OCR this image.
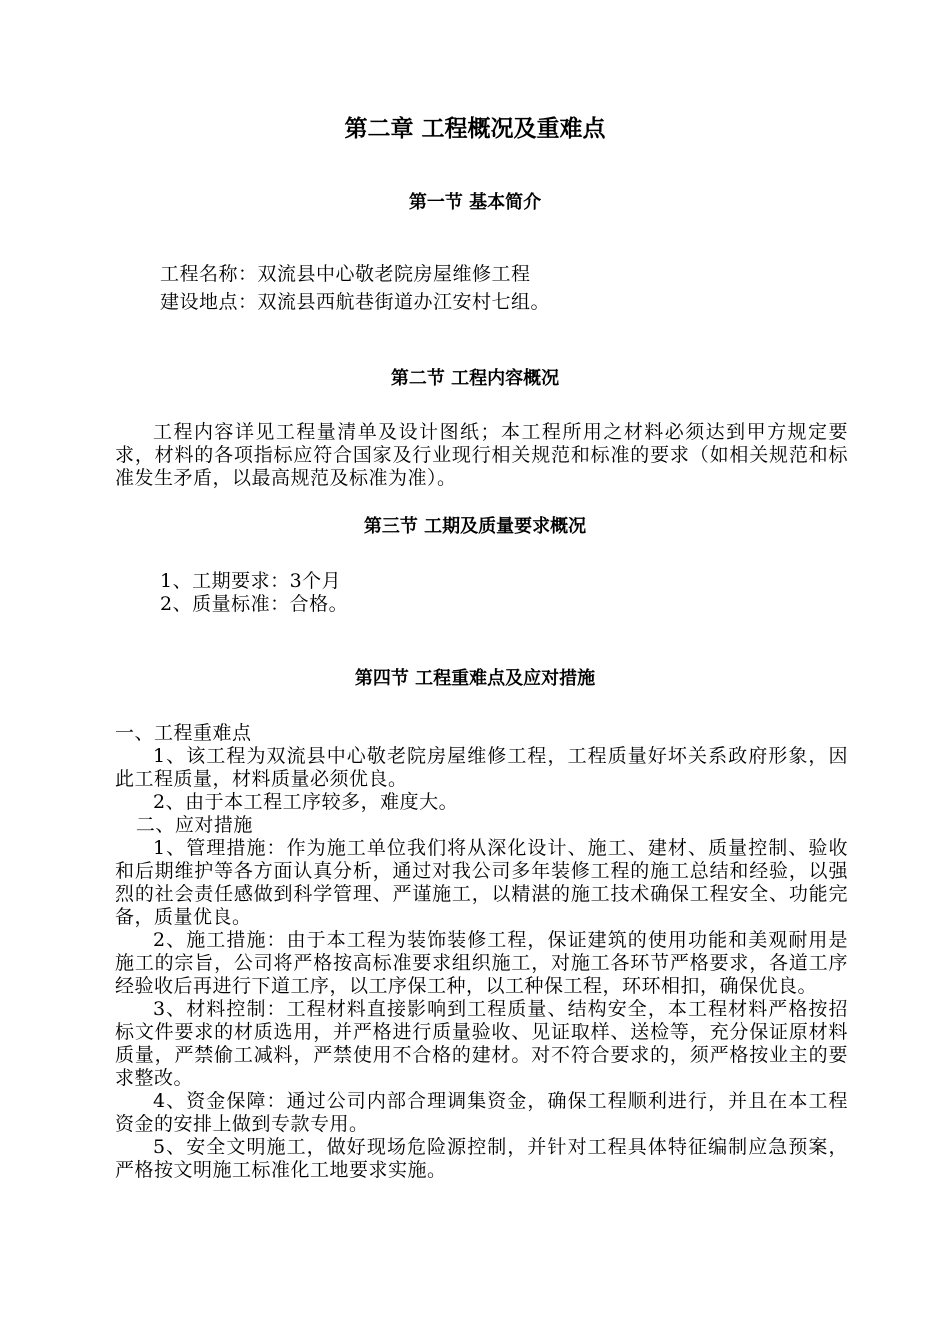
第二章 工程概况及重难点
第一节 基本简介
工程名称：双流县中心敬老院房屋维修工程
建设地点：双流县西航巷街道办江安村七组。
第二节 工程内容概况

工程内容详见工程量清单及设计图纸；本工程所用之材料必须达到甲方规定要求，材料的各项指标应符合国家及行业现行相关规范和标准的要求（如相关规范和标准发生矛盾，以最高规范及标准为准）。

第三节 工期及质量要求概况
1、工期要求：3个月
2、质量标准：合格。
第四节 工程重难点及应对措施

一、工程重难点

1、该工程为双流县中心敬老院房屋维修工程，工程质量好坏关系政府形象，因此工程质量，材料质量必须优良。

2、由于本工程工序较多，难度大。

二、应对措施

1、管理措施：作为施工单位我们将从深化设计、施工、建材、质量控制、验收和后期维护等各方面认真分析，通过对我公司多年装修工程的施工总结和经验，以强烈的社会责任感做到科学管理、严谨施工，以精湛的施工技术确保工程安全、功能完备，质量优良。

2、施工措施：由于本工程为装饰装修工程，保证建筑的使用功能和美观耐用是施工的宗旨，公司将严格按高标准要求组织施工，对施工各环节严格要求，各道工序经验收后再进行下道工序，以工序保工种，以工种保工程，环环相扣，确保优良。

3、材料控制：工程材料直接影响到工程质量、结构安全，本工程材料严格按招标文件要求的材质选用，并严格进行质量验收、见证取样、送检等，充分保证原材料质量，严禁偷工减料，严禁使用不合格的建材。对不符合要求的，须严格按业主的要求整改。

4、资金保障：通过公司内部合理调集资金，确保工程顺利进行，并且在本工程资金的安排上做到专款专用。

5、安全文明施工，做好现场危险源控制，并针对工程具体特征编制应急预案，严格按文明施工标准化工地要求实施。
